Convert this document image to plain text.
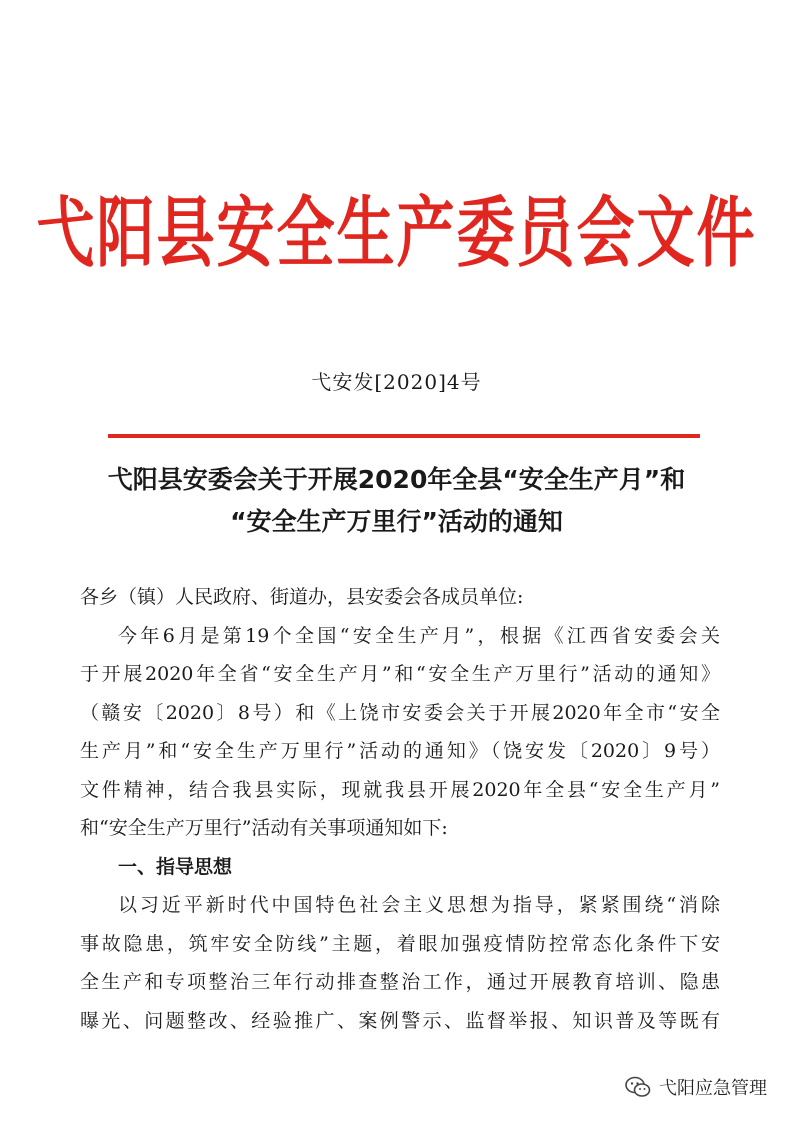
弋阳县安全生产委员会文件
弋安发[2020]4号
弋阳县安委会关于开展2020年全县“安全生产月”和
“安全生产万里行”活动的通知
各乡（镇）人民政府、街道办，县安委会各成员单位:
今年6月是第19个全国“安全生产月”，根据《江西省安委会关
于开展2020年全省“安全生产月”和“安全生产万里行”活动的通知》
（赣安〔2020〕8号）和《上饶市安委会关于开展2020年全市“安全
生产月”和“安全生产万里行”活动的通知》（饶安发〔2020〕9号）
文件精神，结合我县实际，现就我县开展2020年全县“安全生产月”
和“安全生产万里行”活动有关事项通知如下:
一、指导思想
以习近平新时代中国特色社会主义思想为指导，紧紧围绕“消除
事故隐患，筑牢安全防线”主题，着眼加强疫情防控常态化条件下安
全生产和专项整治三年行动排查整治工作，通过开展教育培训、隐患
曝光、问题整改、经验推广、案例警示、监督举报、知识普及等既有
弋阳应急管理
